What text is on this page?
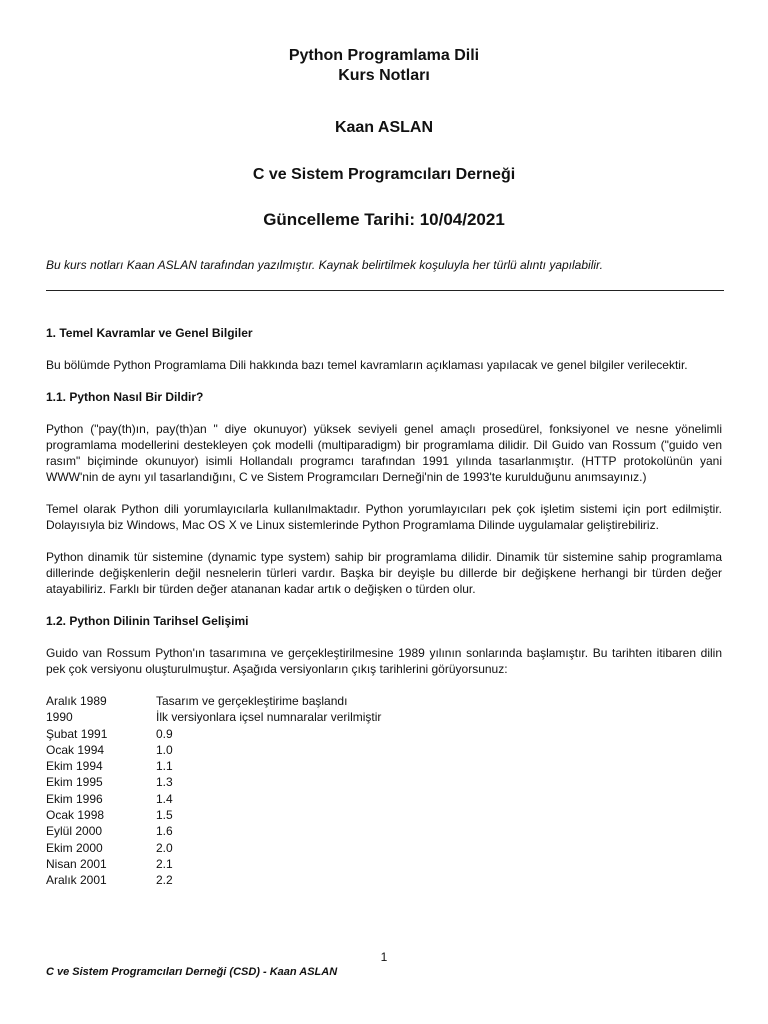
Python Programlama Dili
Kurs Notları
Kaan ASLAN
C ve Sistem Programcıları Derneği
Güncelleme Tarihi: 10/04/2021
Bu kurs notları Kaan ASLAN tarafından yazılmıştır. Kaynak belirtilmek koşuluyla her türlü alıntı yapılabilir.
1. Temel Kavramlar ve Genel Bilgiler

Bu bölümde Python Programlama Dili hakkında bazı temel kavramların açıklaması yapılacak ve genel bilgiler verilecektir.

1.1. Python Nasıl Bir Dildir?

Python ("pay(th)ın, pay(th)an " diye okunuyor) yüksek seviyeli genel amaçlı prosedürel, fonksiyonel ve nesne yönelimli programlama modellerini destekleyen çok modelli (multiparadigm) bir programlama dilidir. Dil Guido van Rossum ("guido ven rasım" biçiminde okunuyor) isimli Hollandalı programcı tarafından 1991 yılında tasarlanmıştır. (HTTP protokolünün yani WWW'nin de aynı yıl tasarlandığını, C ve Sistem Programcıları Derneği'nin de 1993'te kurulduğunu anımsayınız.)

Temel olarak Python dili yorumlayıcılarla kullanılmaktadır. Python yorumlayıcıları pek çok işletim sistemi için port edilmiştir. Dolayısıyla biz Windows, Mac OS X ve Linux sistemlerinde Python Programlama Dilinde uygulamalar geliştirebiliriz.

Python dinamik tür sistemine (dynamic type system) sahip bir programlama dilidir. Dinamik tür sistemine sahip programlama dillerinde değişkenlerin değil nesnelerin türleri vardır. Başka bir deyişle bu dillerde bir değişkene herhangi bir türden değer atayabiliriz. Farklı bir türden değer atananan kadar artık o değişken o türden olur.

1.2. Python Dilinin Tarihsel Gelişimi

Guido van Rossum Python'ın tasarımına ve gerçekleştirilmesine 1989 yılının sonlarında başlamıştır. Bu tarihten itibaren dilin pek çok versiyonu oluşturulmuştur. Aşağıda versiyonların çıkış tarihlerini görüyorsunuz:

Aralık 1989	Tasarım ve gerçekleştirime başlandı
1990	İlk versiyonlara içsel numnaralar verilmiştir
Şubat 1991	0.9
Ocak 1994	1.0
Ekim 1994	1.1
Ekim 1995	1.3
Ekim 1996	1.4
Ocak 1998	1.5
Eylül 2000	1.6
Ekim 2000	2.0
Nisan 2001	2.1
Aralık 2001	2.2
1
C ve Sistem Programcıları Derneği (CSD) - Kaan ASLAN
